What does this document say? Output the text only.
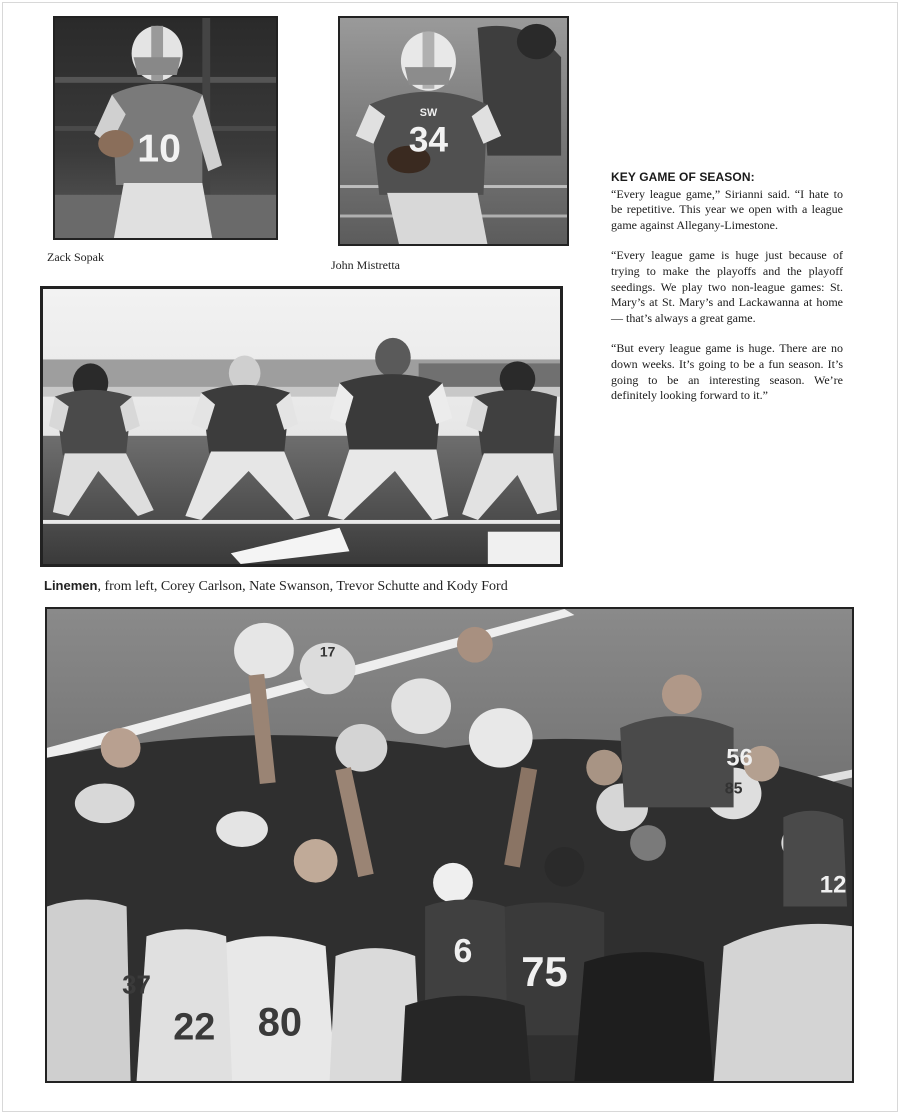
10
Zack Sopak
SW
34
John Mistretta
Linemen, from left, Corey Carlson, Nate Swanson, Trevor Schutte and Kody Ford
KEY GAME OF SEASON:

“Every league game,” Sirianni said. “I hate to be repetitive. This year we open with a league game against Allegany-Limestone.

“Every league game is huge just because of trying to make the playoffs and the playoff seedings. We play two non-league games: St. Mary’s at St. Mary’s and Lackawanna at home — that’s always a great game.

“But every league game is huge. There are no down weeks. It’s going to be a fun season. It’s going to be an interesting season. We’re definitely looking forward to it.”

75
80
22
56
85
12
17
37
6
